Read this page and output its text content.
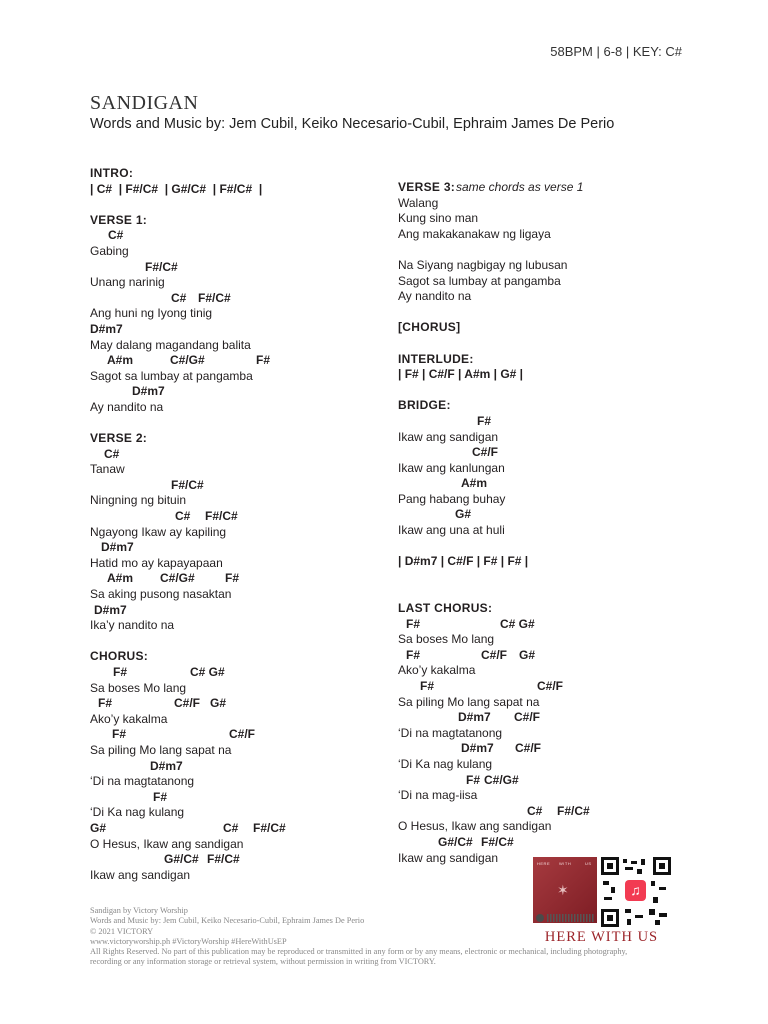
58BPM | 6-8 | KEY: C#
SANDIGAN
Words and Music by: Jem Cubil, Keiko Necesario-Cubil, Ephraim James De Perio
INTRO:
| C#  | F#/C#  | G#/C#  | F#/C#  |
VERSE 1:
C#
Gabing
F#/C#
Unang narinig
C# F#/C#
Ang huni ng Iyong tinig
D#m7
May dalang magandang balita
A#m	C#/G#	F#
Sagot sa lumbay at pangamba
D#m7
Ay nandito na
VERSE 2:
C#
Tanaw
F#/C#
Ningning ng bituin
C# F#/C#
Ngayong Ikaw ay kapiling
D#m7
Hatid mo ay kapayapaan
A#m C#/G#	F#
Sa aking pusong nasaktan
D#m7
Ika’y nandito na
CHORUS:
F#	C# G#
Sa boses Mo lang
F#	C#/F G#
Ako’y kakalma
F#	C#/F
Sa piling Mo lang sapat na
D#m7
‘Di na magtatanong
F#
‘Di Ka nag kulang
G#	C# F#/C#
O Hesus, Ikaw ang sandigan
G#/C# F#/C#
Ikaw ang sandigan
VERSE 3: same chords as verse 1
Walang
Kung sino man
Ang makakanakaw ng ligaya
Na Siyang nagbigay ng lubusan
Sagot sa lumbay at pangamba
Ay nandito na
[CHORUS]
INTERLUDE:
| F# | C#/F | A#m | G# |
BRIDGE:
F#
Ikaw ang sandigan
C#/F
Ikaw ang kanlungan
A#m
Pang habang buhay
G#
Ikaw ang una at huli
| D#m7 | C#/F | F# | F# |
LAST CHORUS:
F#	C# G#
Sa boses Mo lang
F#	C#/F G#
Ako’y kakalma
F#	C#/F
Sa piling Mo lang sapat na
D#m7 C#/F
‘Di na magtatanong
D#m7 C#/F
‘Di Ka nag kulang
F# C#/G#
‘Di na mag-iisa
C# F#/C#
O Hesus, Ikaw ang sandigan
G#/C# F#/C#
Ikaw ang sandigan
Sandigan by Victory Worship
Words and Music by: Jem Cubil, Keiko Necesario-Cubil, Ephraim James De Perio
© 2021 VICTORY
www.victoryworship.ph #VictoryWorship #HereWithUsEP
All Rights Reserved. No part of this publication may be reproduced or transmitted in any form or by any means, electronic or mechanical, including photography,
recording or any information storage or retrieval system, without permission in writing from VICTORY.
HERE WITH	US
✶	♫
HERE WITH US
